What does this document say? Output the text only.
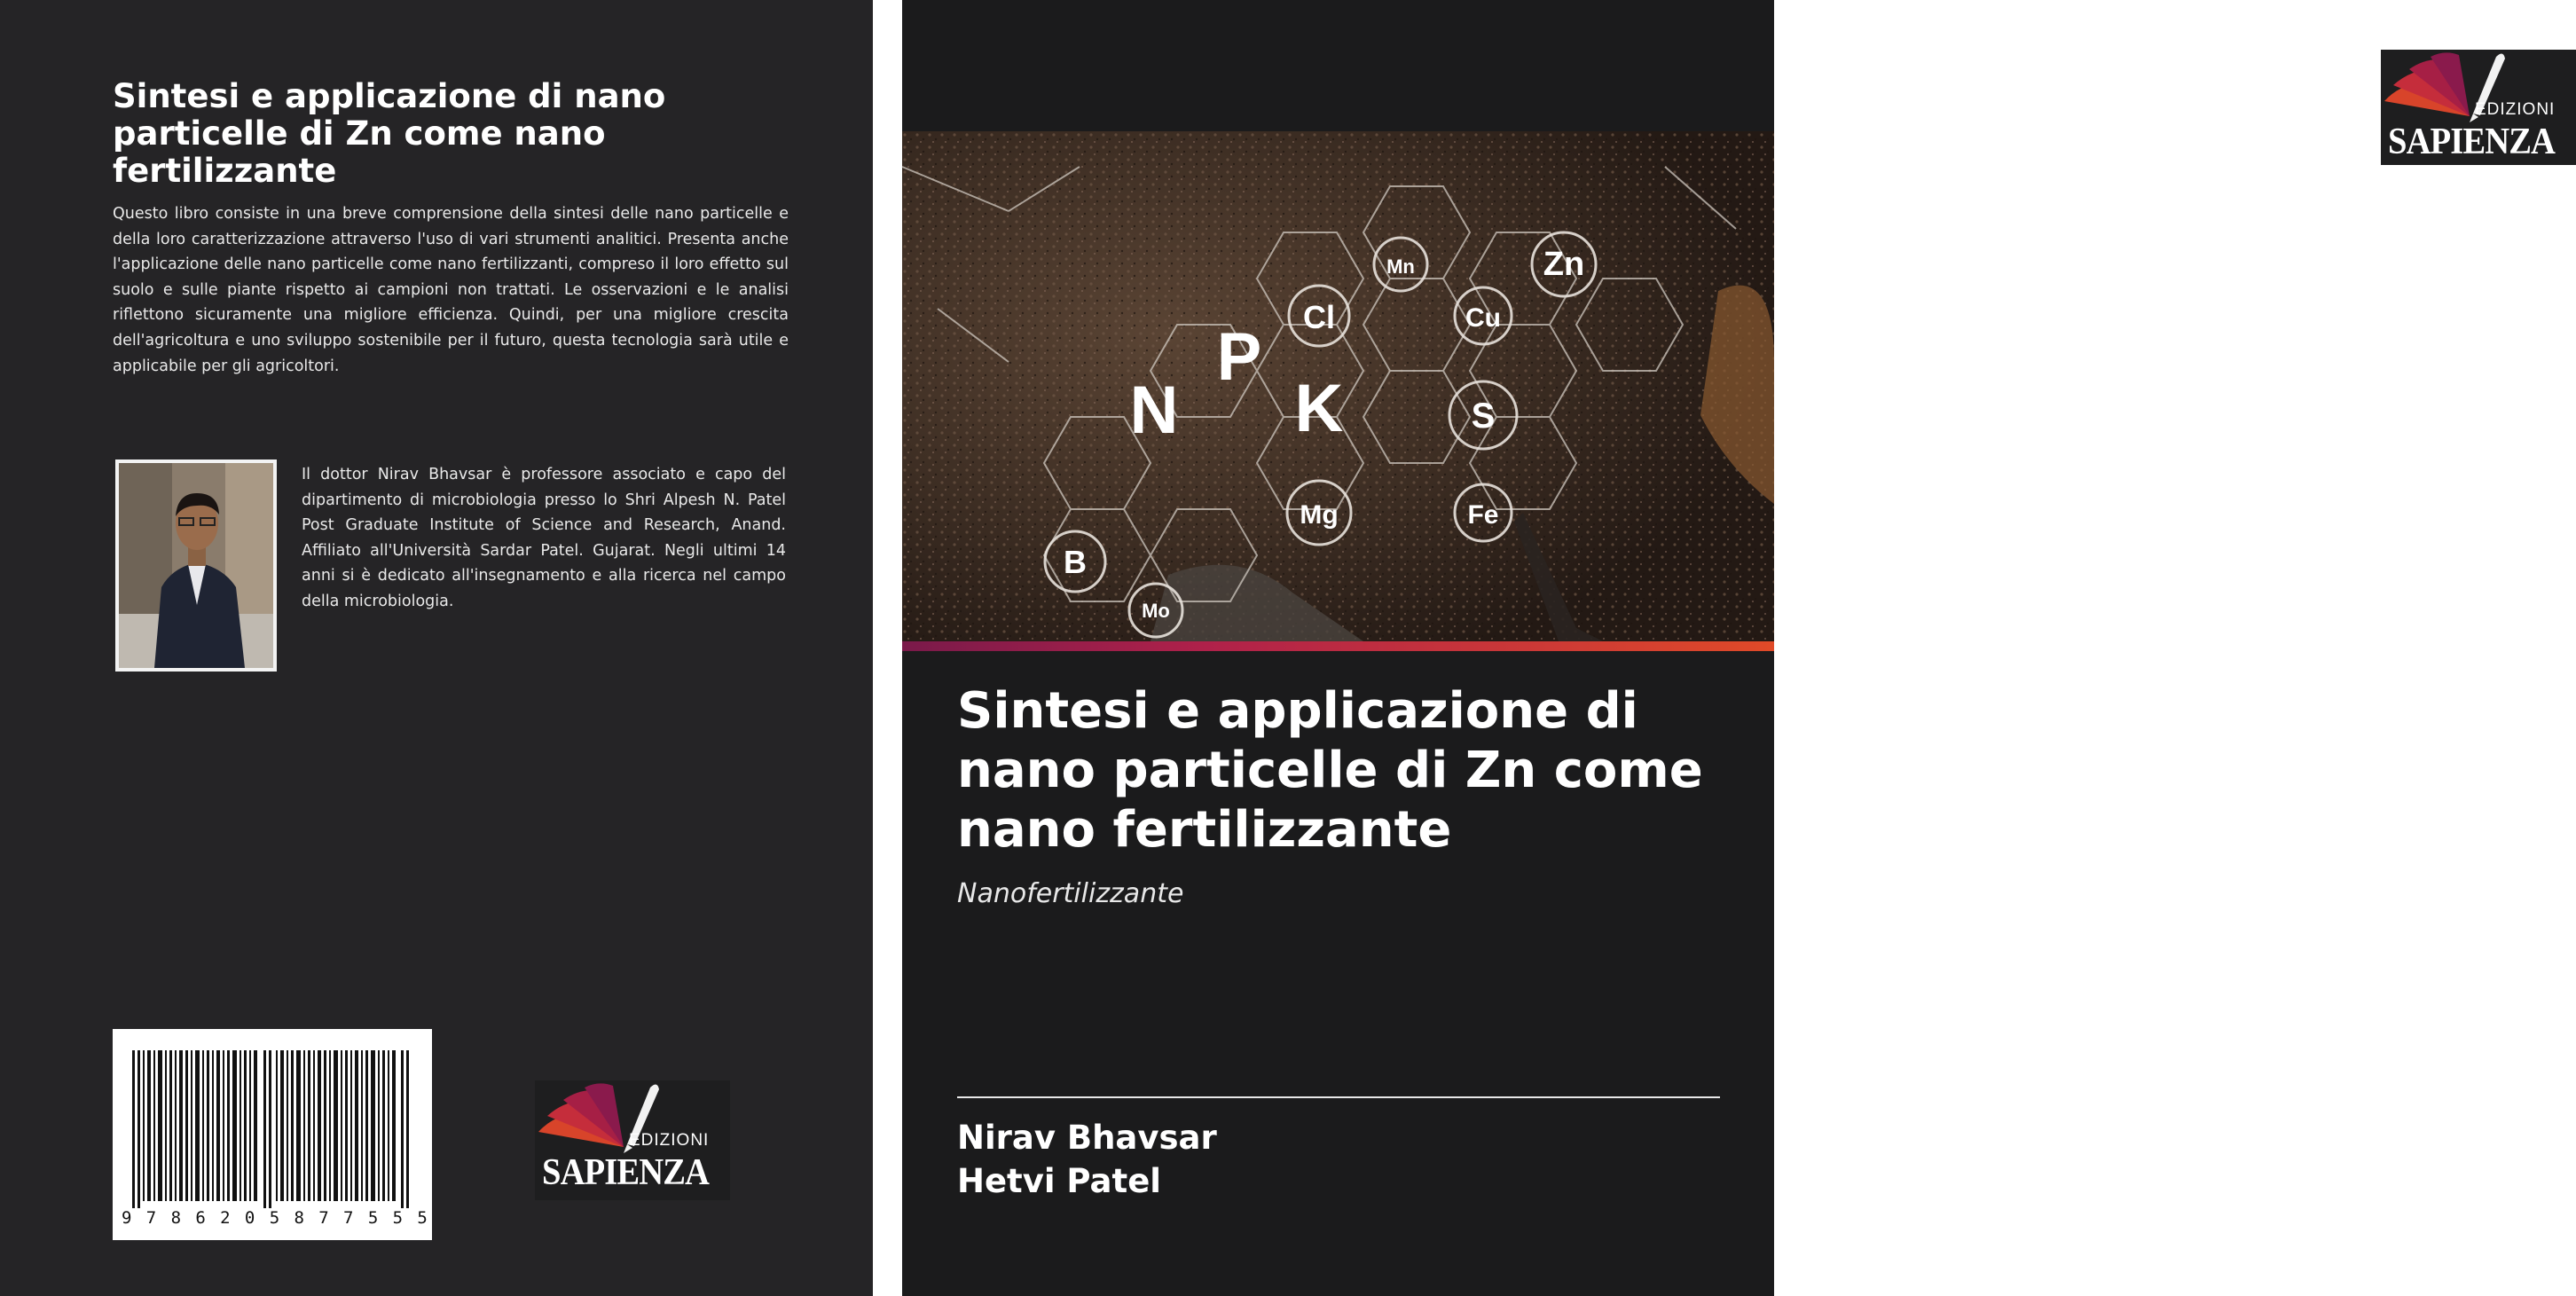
Sintesi e applicazione di nano particelle di Zn come nano fertilizzante

Questo libro consiste in una breve comprensione della sintesi delle nano particelle e della loro caratterizzazione attraverso l'uso di vari strumenti analitici. Presenta anche l'applicazione delle nano particelle come nano fertilizzanti, compreso il loro effetto sul suolo e sulle piante rispetto ai campioni non trattati. Le osservazioni e le analisi riflettono sicuramente una migliore efficienza. Quindi, per una migliore crescita dell'agricoltura e uno sviluppo sostenibile per il futuro, questa tecnologia sarà utile e applicabile per gli agricoltori.

Il dottor Nirav Bhavsar è professore associato e capo del dipartimento di microbiologia presso lo Shri Alpesh N. Patel Post Graduate Institute of Science and Research, Anand. Affiliato all'Università Sardar Patel. Gujarat. Negli ultimi 14 anni si è dedicato all'insegnamento e alla ricerca nel campo della microbiologia.

9 7 8 6 2 0 5 8 7 7 5 5 5
EDIZIONI
SAPIENZA
N
P
K
Cl
Mn	Zn
Cu
S
Mg	Fe
B
Mo
EDIZIONI
SAPIENZA
Sintesi e applicazione di nano particelle di Zn come nano fertilizzante

Nanofertilizzante

Nirav Bhavsar
Hetvi Patel
